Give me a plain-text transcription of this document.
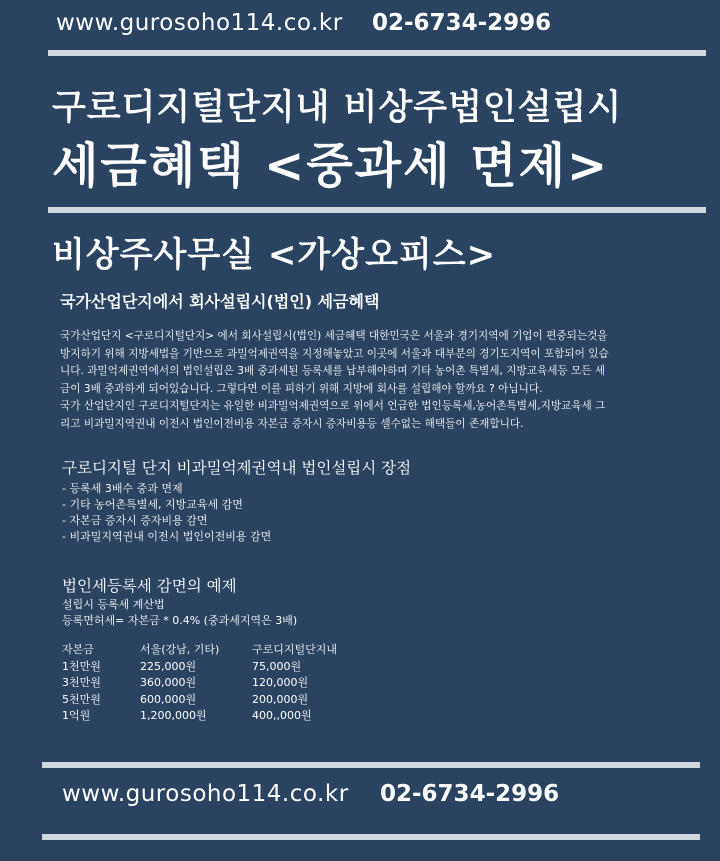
www.gurosoho114.co.kr 02-6734-2996
구로디지털단지내 비상주법인설립시
세금혜택 <중과세 면제>
비상주사무실 <가상오피스>
국가산업단지에서 회사설립시(법인) 세금혜택
국가산업단지 <구로디지털단지> 에서 회사설립시(법인) 세금혜택 대한민국은 서울과 경기지역에 기업이 편중되는것을
방지하기 위해 지방세법을 기반으로 과밀억제권역을 지정해놓았고 이곳에 서울과 대부분의 경기도지역이 포함되어 있습
니다. 과밀억제권역에서의 법인설립은 3배 중과세된 등록세를 납부해야하며 기타 농어촌 특별세, 지방교육세등 모든 세
금이 3배 중과하게 되어있습니다. 그렇다면 이를 피하기 위해 지방에 회사를 설립해야 할까요 ? 아닙니다.
국가 산업단지인 구로디지털단지는 유일한 비과밀억제권역으로 위에서 언급한 법인등록세,농어촌특별세,지방교육세 그
리고 비과밀지역권내 이전시 법인이전비용 자본금 증자시 증자비용등 셀수없는 해택들이 존재합니다.
구로디지털 단지 비과밀억제권역내 법인설립시 장점
- 등록세 3배수 중과 면제
- 기타 농어촌특별세, 지방교육세 감면
- 자본금 증자시 증자비용 감면
- 비과밀지역권내 이전시 법인이전비용 감면
법인세등록세 감면의 예제
설립시 등록세 계산법
등록면허세= 자본금 * 0.4% (중과세지역은 3배)
자본금	서울(강남, 기타)	구로디지털단지내
1천만원	225,000원	75,000원
3천만원	360,000원	120,000원
5천만원	600,000원	200,000원
1억원	1,200,000원	400,,000원
www.gurosoho114.co.kr 02-6734-2996
